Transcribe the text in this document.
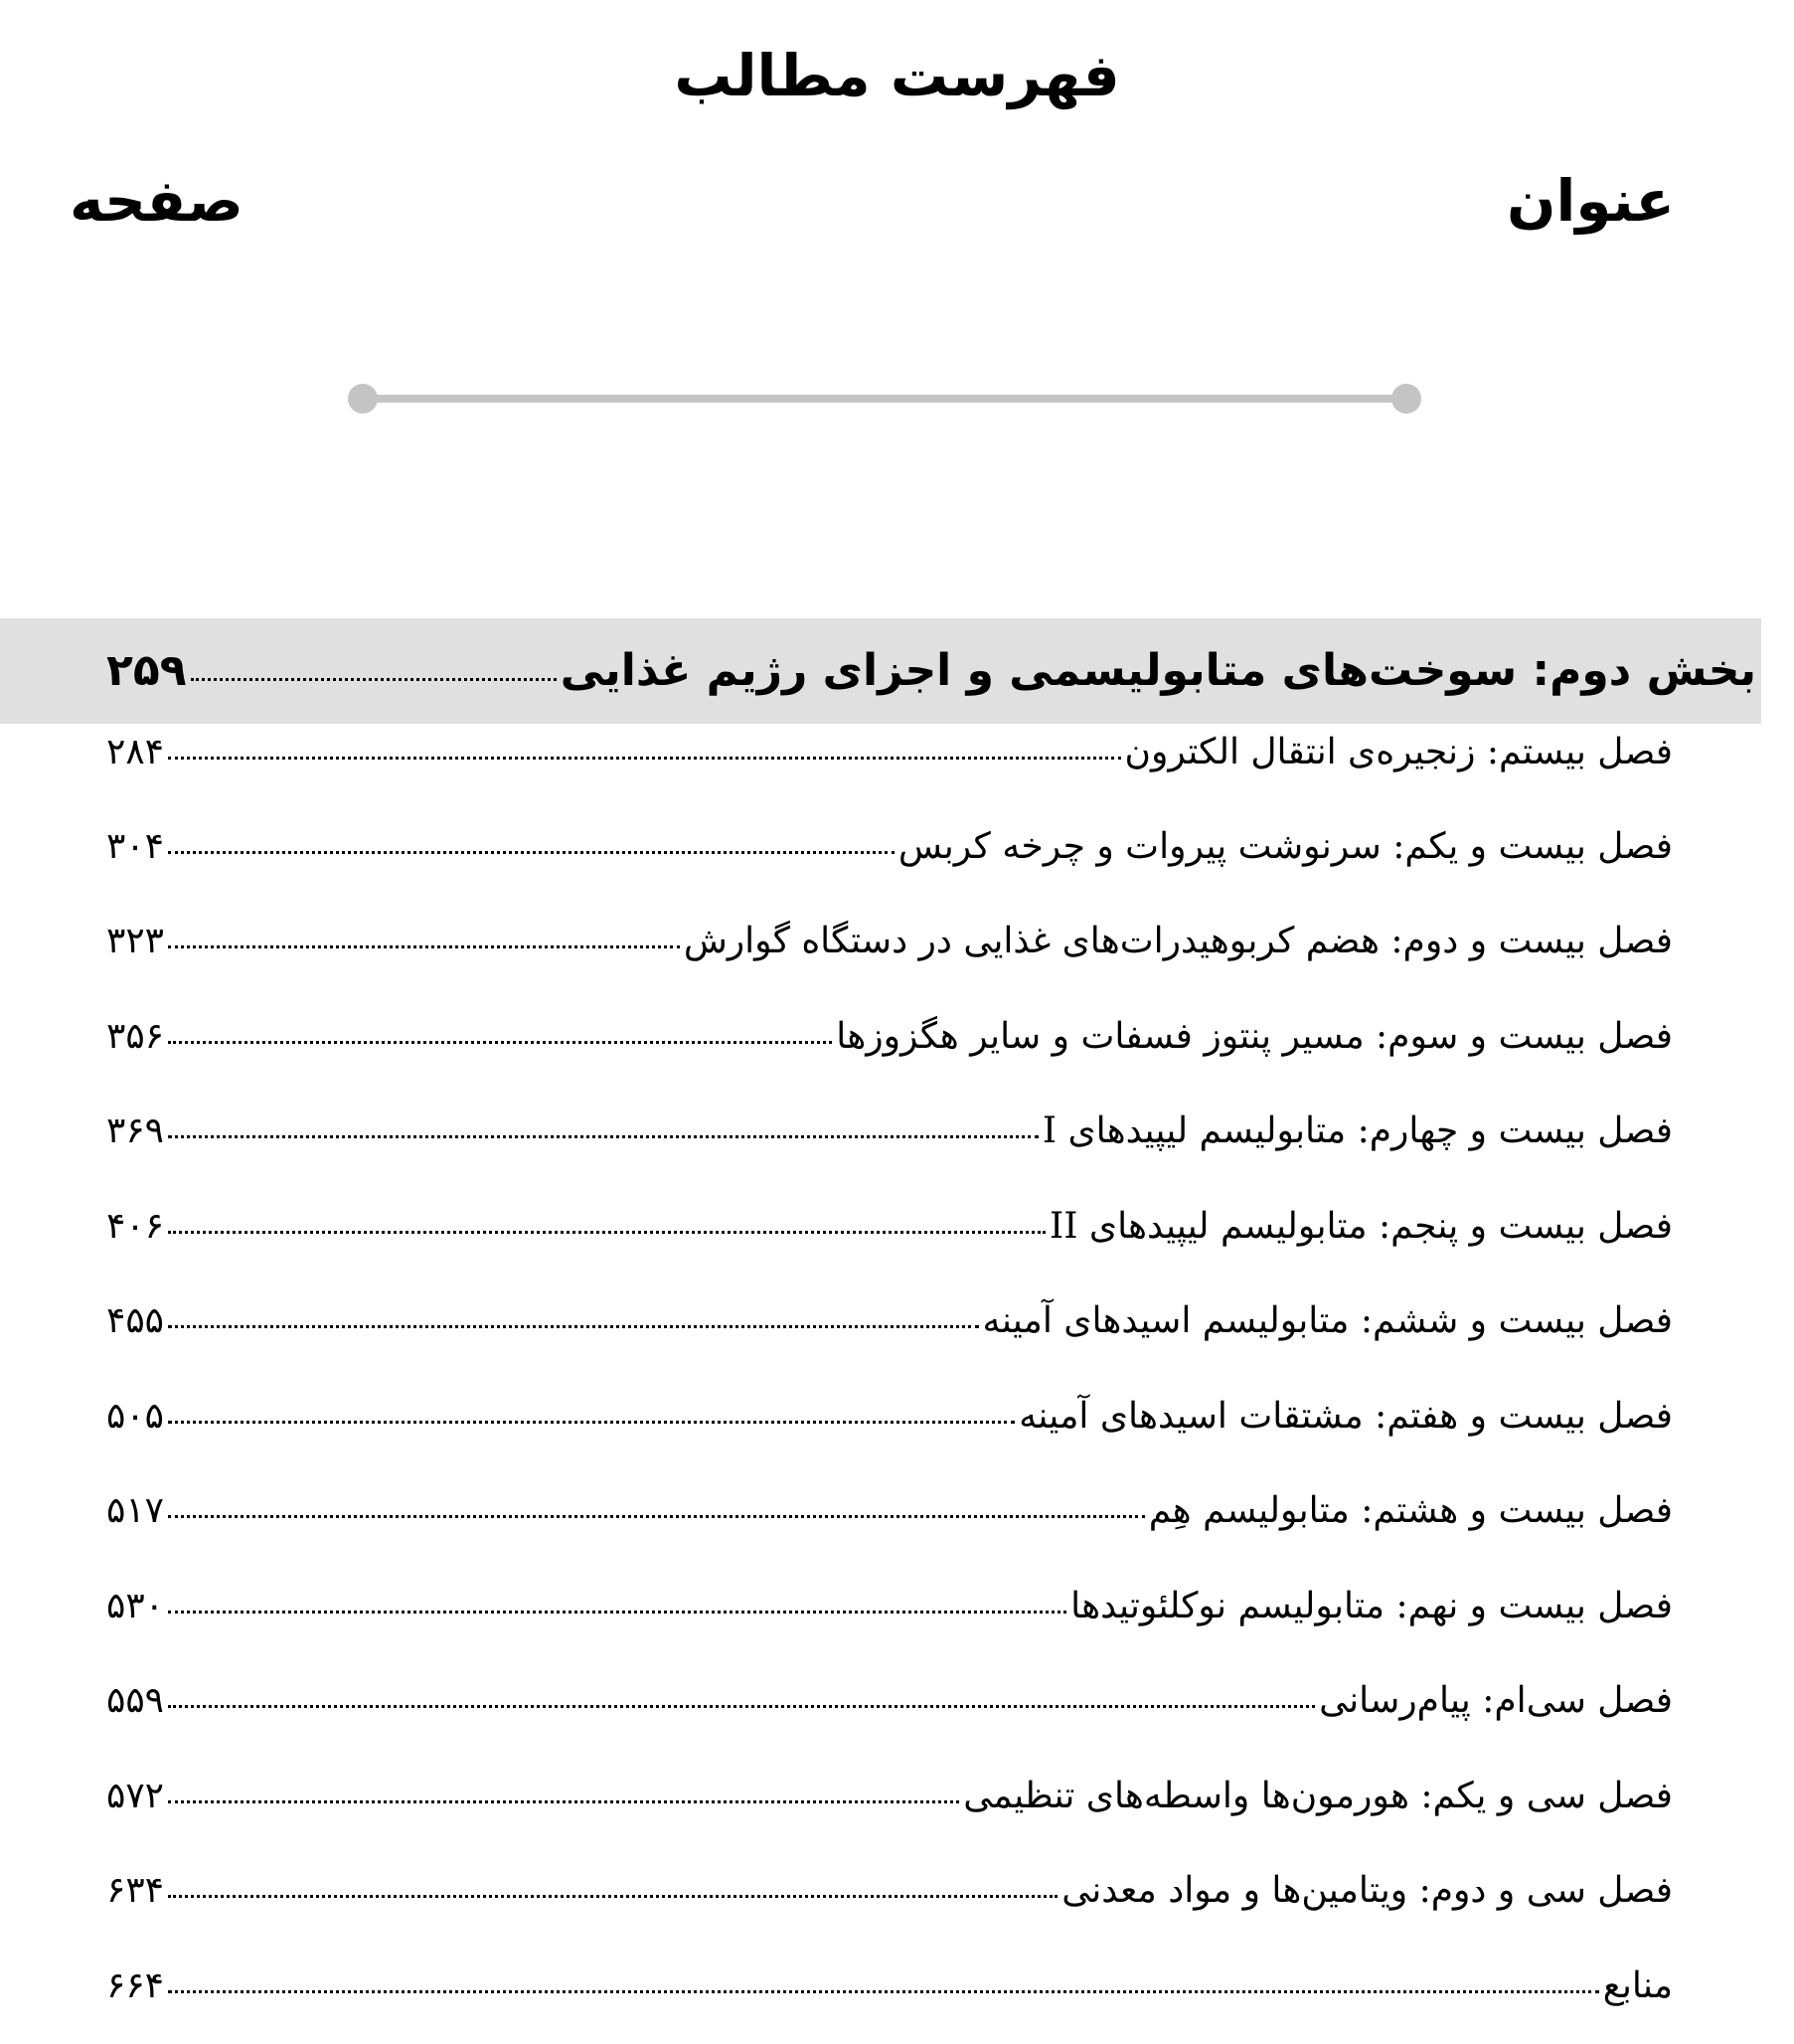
فهرست مطالب
عنوان
صفحه
بخش دوم: سوخت‌های متابولیسمی و اجزای رژیم غذایی
۲۵۹
فصل بیستم: زنجیره‌ی انتقال الکترون
۲۸۴
فصل بیست و یکم: سرنوشت پیروات و چرخه کربس
۳۰۴
فصل بیست و دوم: هضم کربوهیدرات‌های غذایی در دستگاه گوارش
۳۲۳
فصل بیست و سوم: مسیر پنتوز فسفات و سایر هگزوزها
۳۵۶
فصل بیست و چهارم: متابولیسم لیپیدهای I
۳۶۹
فصل بیست و پنجم: متابولیسم لیپیدهای II
۴۰۶
فصل بیست و ششم: متابولیسم اسیدهای آمینه
۴۵۵
فصل بیست و هفتم: مشتقات اسیدهای آمینه
۵۰۵
فصل بیست و هشتم: متابولیسم هِم
۵۱۷
فصل بیست و نهم: متابولیسم نوکلئوتیدها
۵۳۰
فصل سی‌ام: پیام‌رسانی
۵۵۹
فصل سی و یکم: هورمون‌ها واسطه‌های تنظیمی
۵۷۲
فصل سی و دوم: ویتامین‌ها و مواد معدنی
۶۳۴
منابع
۶۶۴
